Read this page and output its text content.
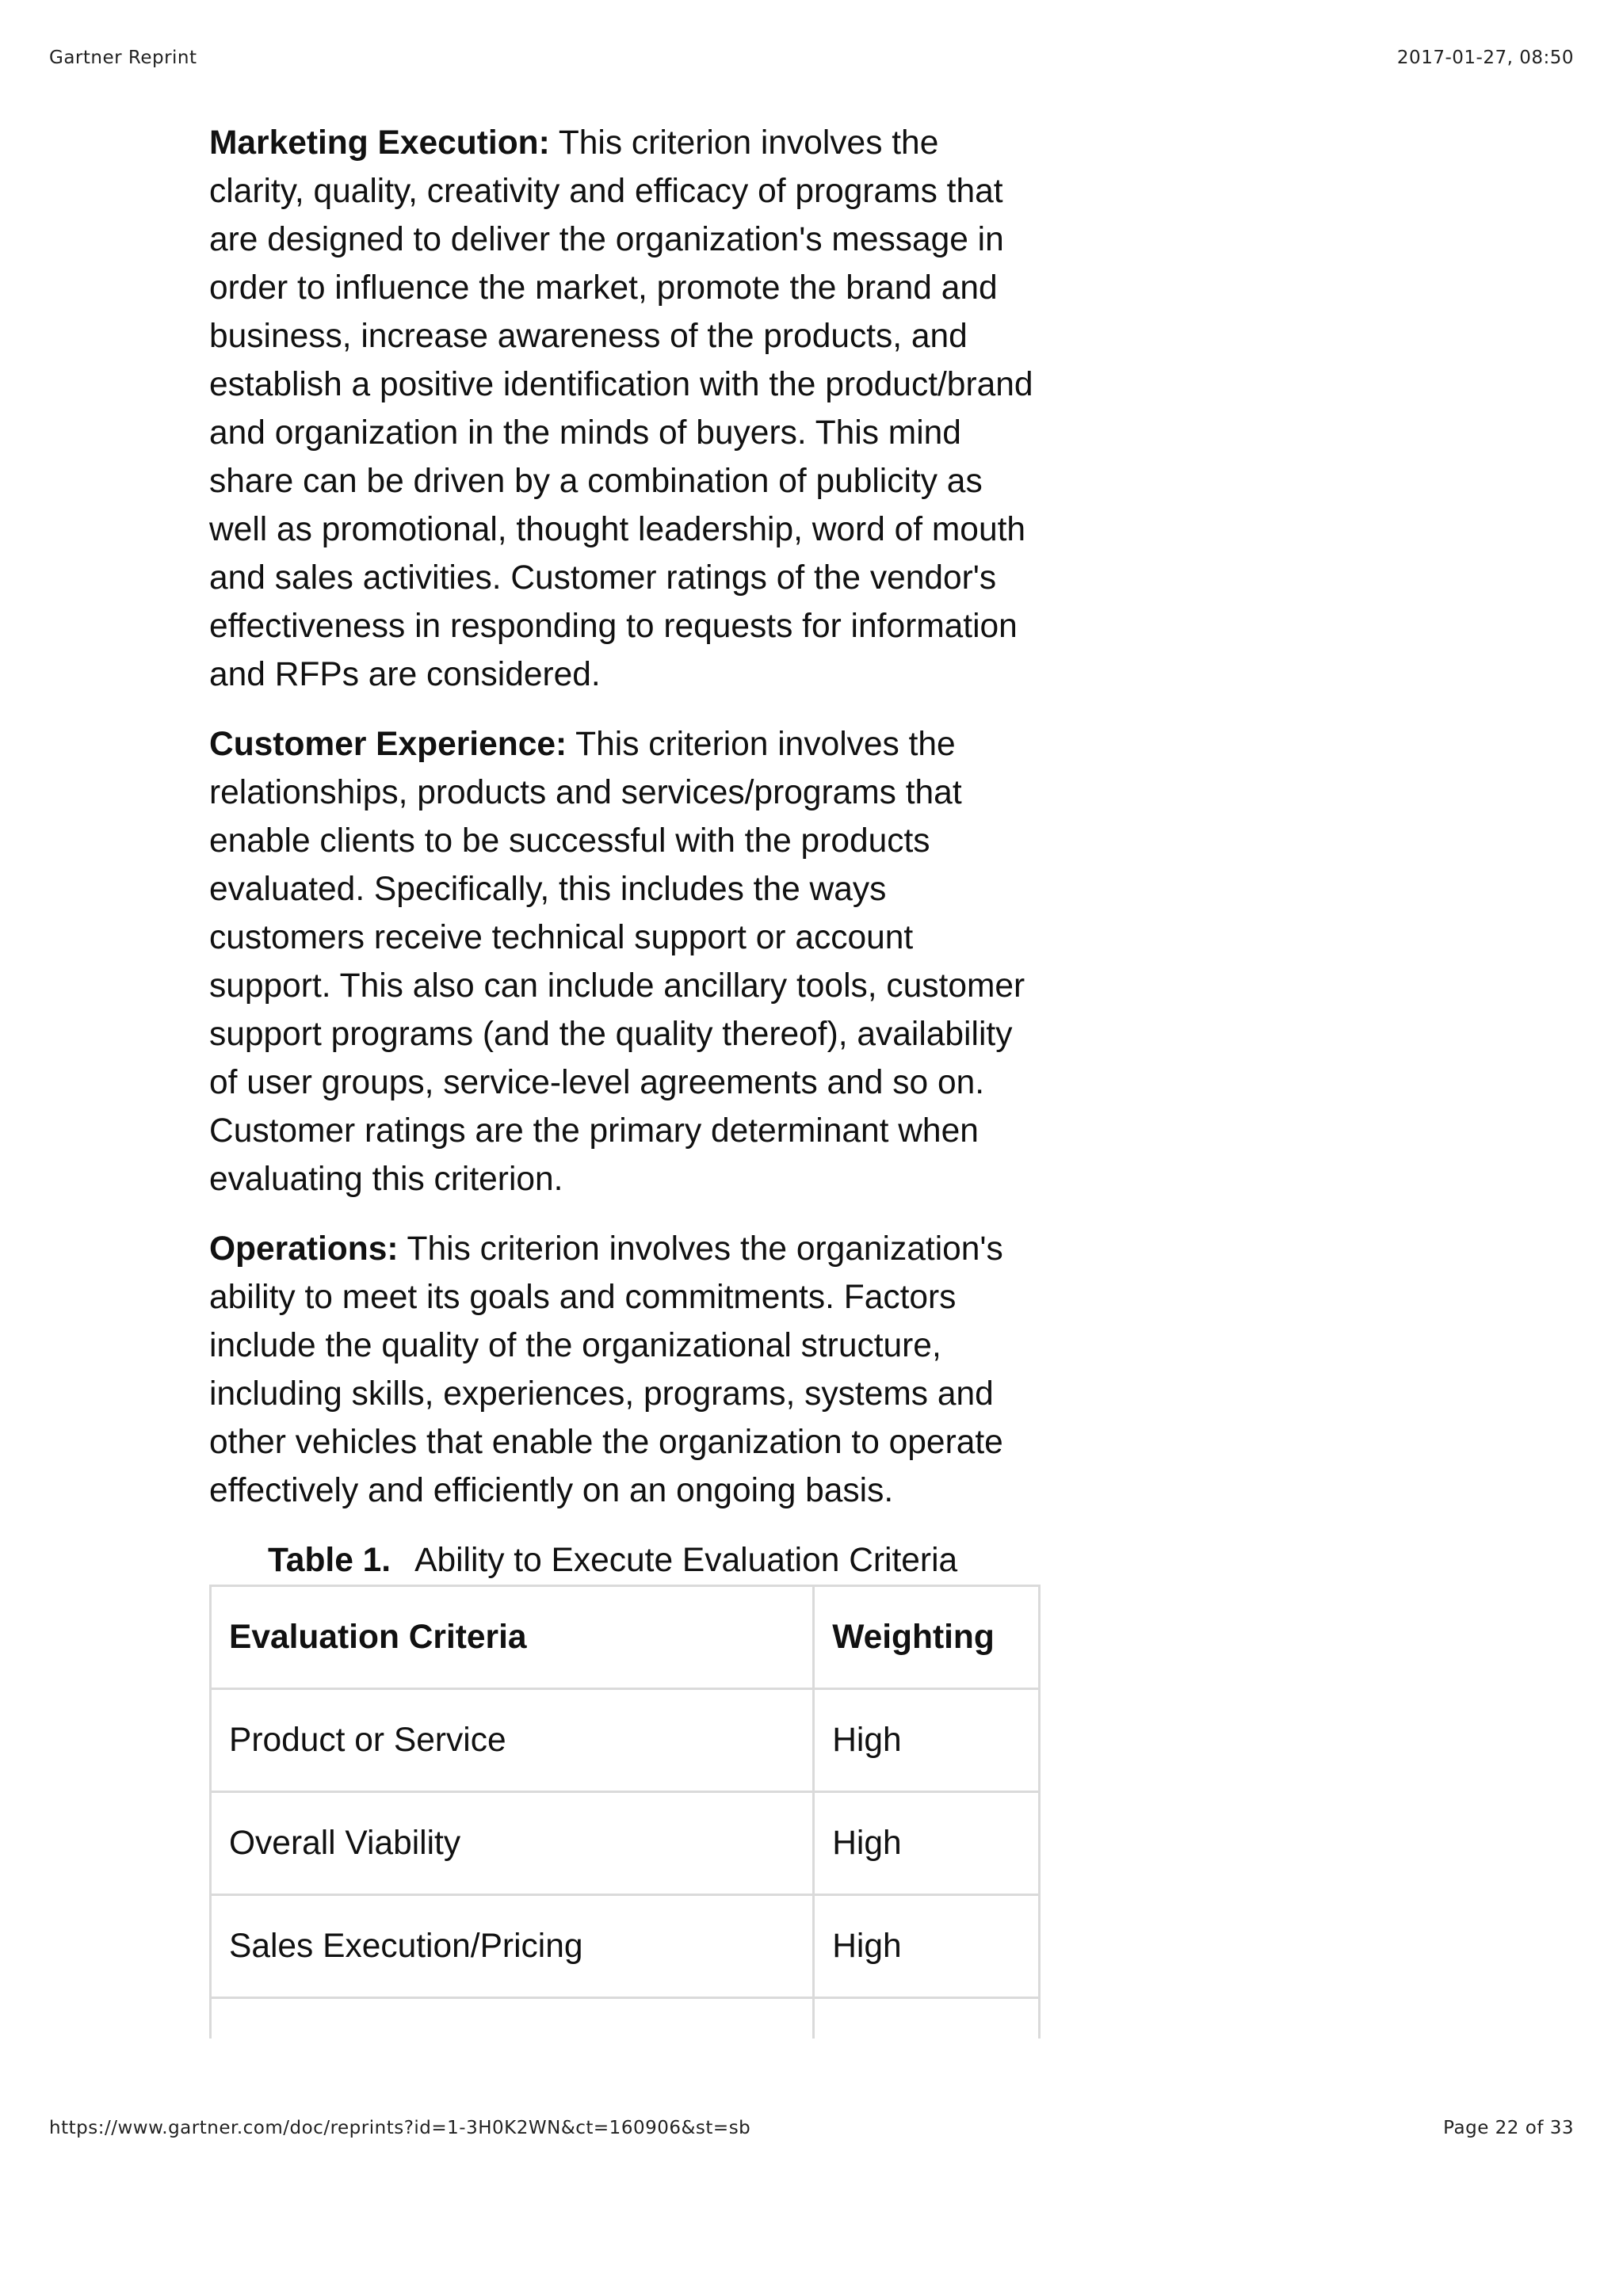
Gartner Reprint	2017-01-27, 08:50

Marketing Execution: This criterion involves the clarity, quality, creativity and efficacy of programs that are designed to deliver the organization's message in order to influence the market, promote the brand and business, increase awareness of the products, and establish a positive identification with the product/brand and organization in the minds of buyers. This mind share can be driven by a combination of publicity as well as promotional, thought leadership, word of mouth and sales activities. Customer ratings of the vendor's effectiveness in responding to requests for information and RFPs are considered.

Customer Experience: This criterion involves the relationships, products and services/programs that enable clients to be successful with the products evaluated. Specifically, this includes the ways customers receive technical support or account support. This also can include ancillary tools, customer support programs (and the quality thereof), availability of user groups, service-level agreements and so on. Customer ratings are the primary determinant when evaluating this criterion.

Operations: This criterion involves the organization's ability to meet its goals and commitments. Factors include the quality of the organizational structure, including skills, experiences, programs, systems and other vehicles that enable the organization to operate effectively and efficiently on an ongoing basis.

Table 1. Ability to Execute Evaluation Criteria
Evaluation Criteria	Weighting
Product or Service	High
Overall Viability	High
Sales Execution/Pricing	High

https://www.gartner.com/doc/reprints?id=1-3H0K2WN&ct=160906&st=sb	Page 22 of 33
